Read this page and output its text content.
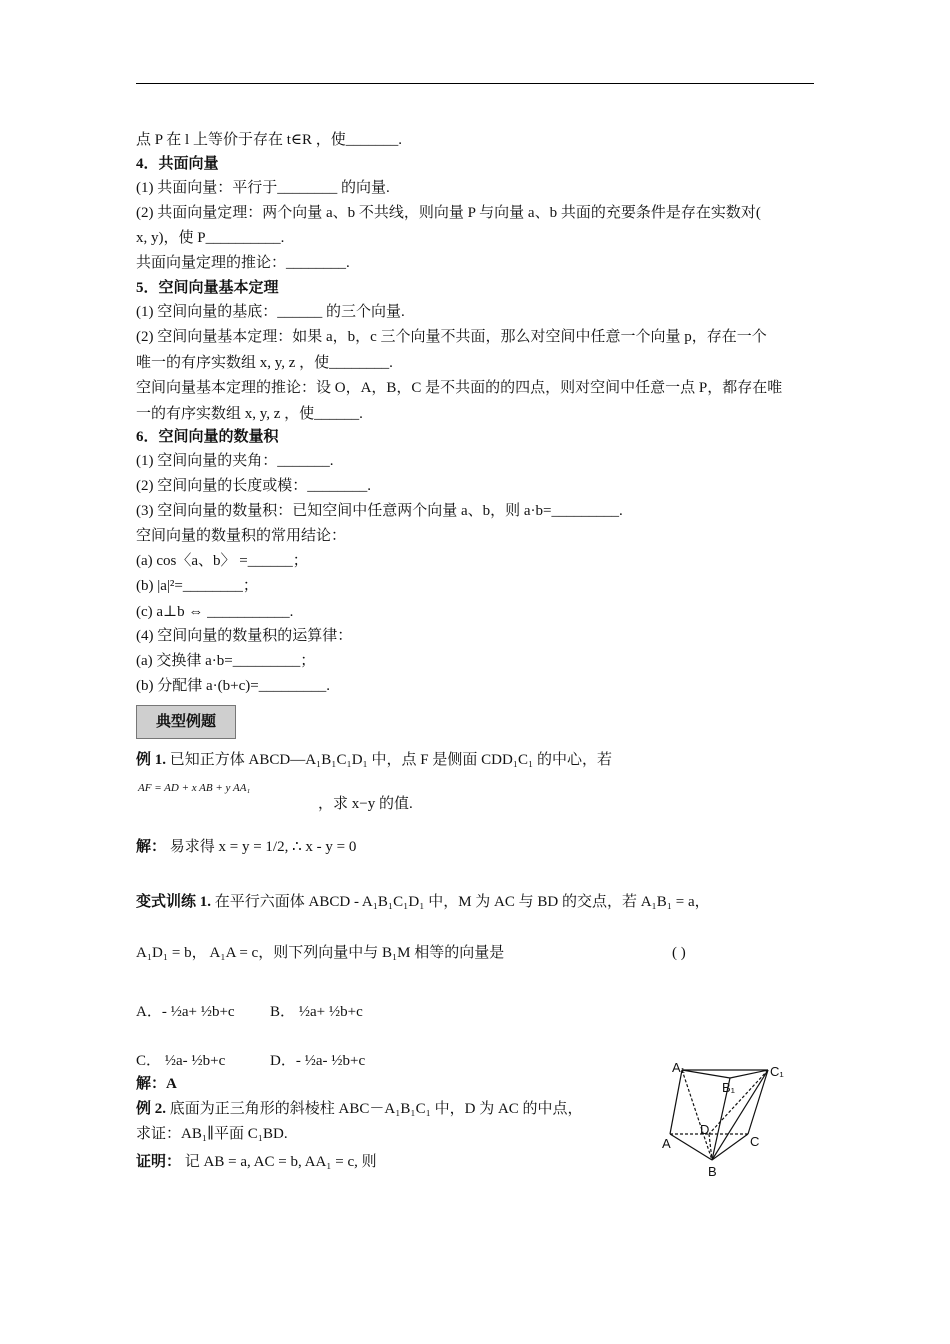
点 P 在 l 上等价于存在 t∈R ，使_______.
4．共面向量
(1) 共面向量：平行于________ 的向量.
(2) 共面向量定理：两个向量 a、b 不共线，则向量 P 与向量 a、b 共面的充要条件是存在实数对(
x, y)，使 P__________.
共面向量定理的推论：________.
5．空间向量基本定理
(1) 空间向量的基底：______ 的三个向量.
(2) 空间向量基本定理：如果 a，b，c 三个向量不共面，那么对空间中任意一个向量 p，存在一个
唯一的有序实数组 x, y, z ，使________.
空间向量基本定理的推论：设 O，A，B，C 是不共面的的四点，则对空间中任意一点 P，都存在唯
一的有序实数组 x, y, z ，使______.
6．空间向量的数量积
(1) 空间向量的夹角：_______.
(2) 空间向量的长度或模：________.
(3) 空间向量的数量积：已知空间中任意两个向量 a、b，则 a·b=_________.
空间向量的数量积的常用结论：
(a) cos〈a、b〉 =______；
(b) |a|²=________；
(c) a⊥b ⇔ ___________.
(4) 空间向量的数量积的运算律：
(a) 交换律 a·b=_________；
(b) 分配律 a·(b+c)=_________.
典型例题
例 1. 已知正方体 ABCD—A₁B₁C₁D₁ 中，点 F 是侧面 CDD₁C₁ 的中心，若
AF = AD + x AB + y AA₁
，求 x−y 的值.
解： 易求得 x = y = 1/2, ∴ x - y = 0
变式训练 1. 在平行六面体 ABCD - A₁B₁C₁D₁ 中，M 为 AC 与 BD 的交点，若 A₁B₁ = a，
A₁D₁ = b， A₁A = c，则下列向量中与 B₁M 相等的向量是	( )
A．- ½a+ ½b+c B． ½a+ ½b+c
C． ½a- ½b+c	D．- ½a- ½b+c
解：A
例 2. 底面为正三角形的斜棱柱 ABC－A₁B₁C₁ 中，D 为 AC 的中点，
求证：AB₁∥平面 C₁BD.
证明： 记 AB = a, AC = b, AA₁ = c, 则
A₁
B₁
C₁
A
B
C
D
